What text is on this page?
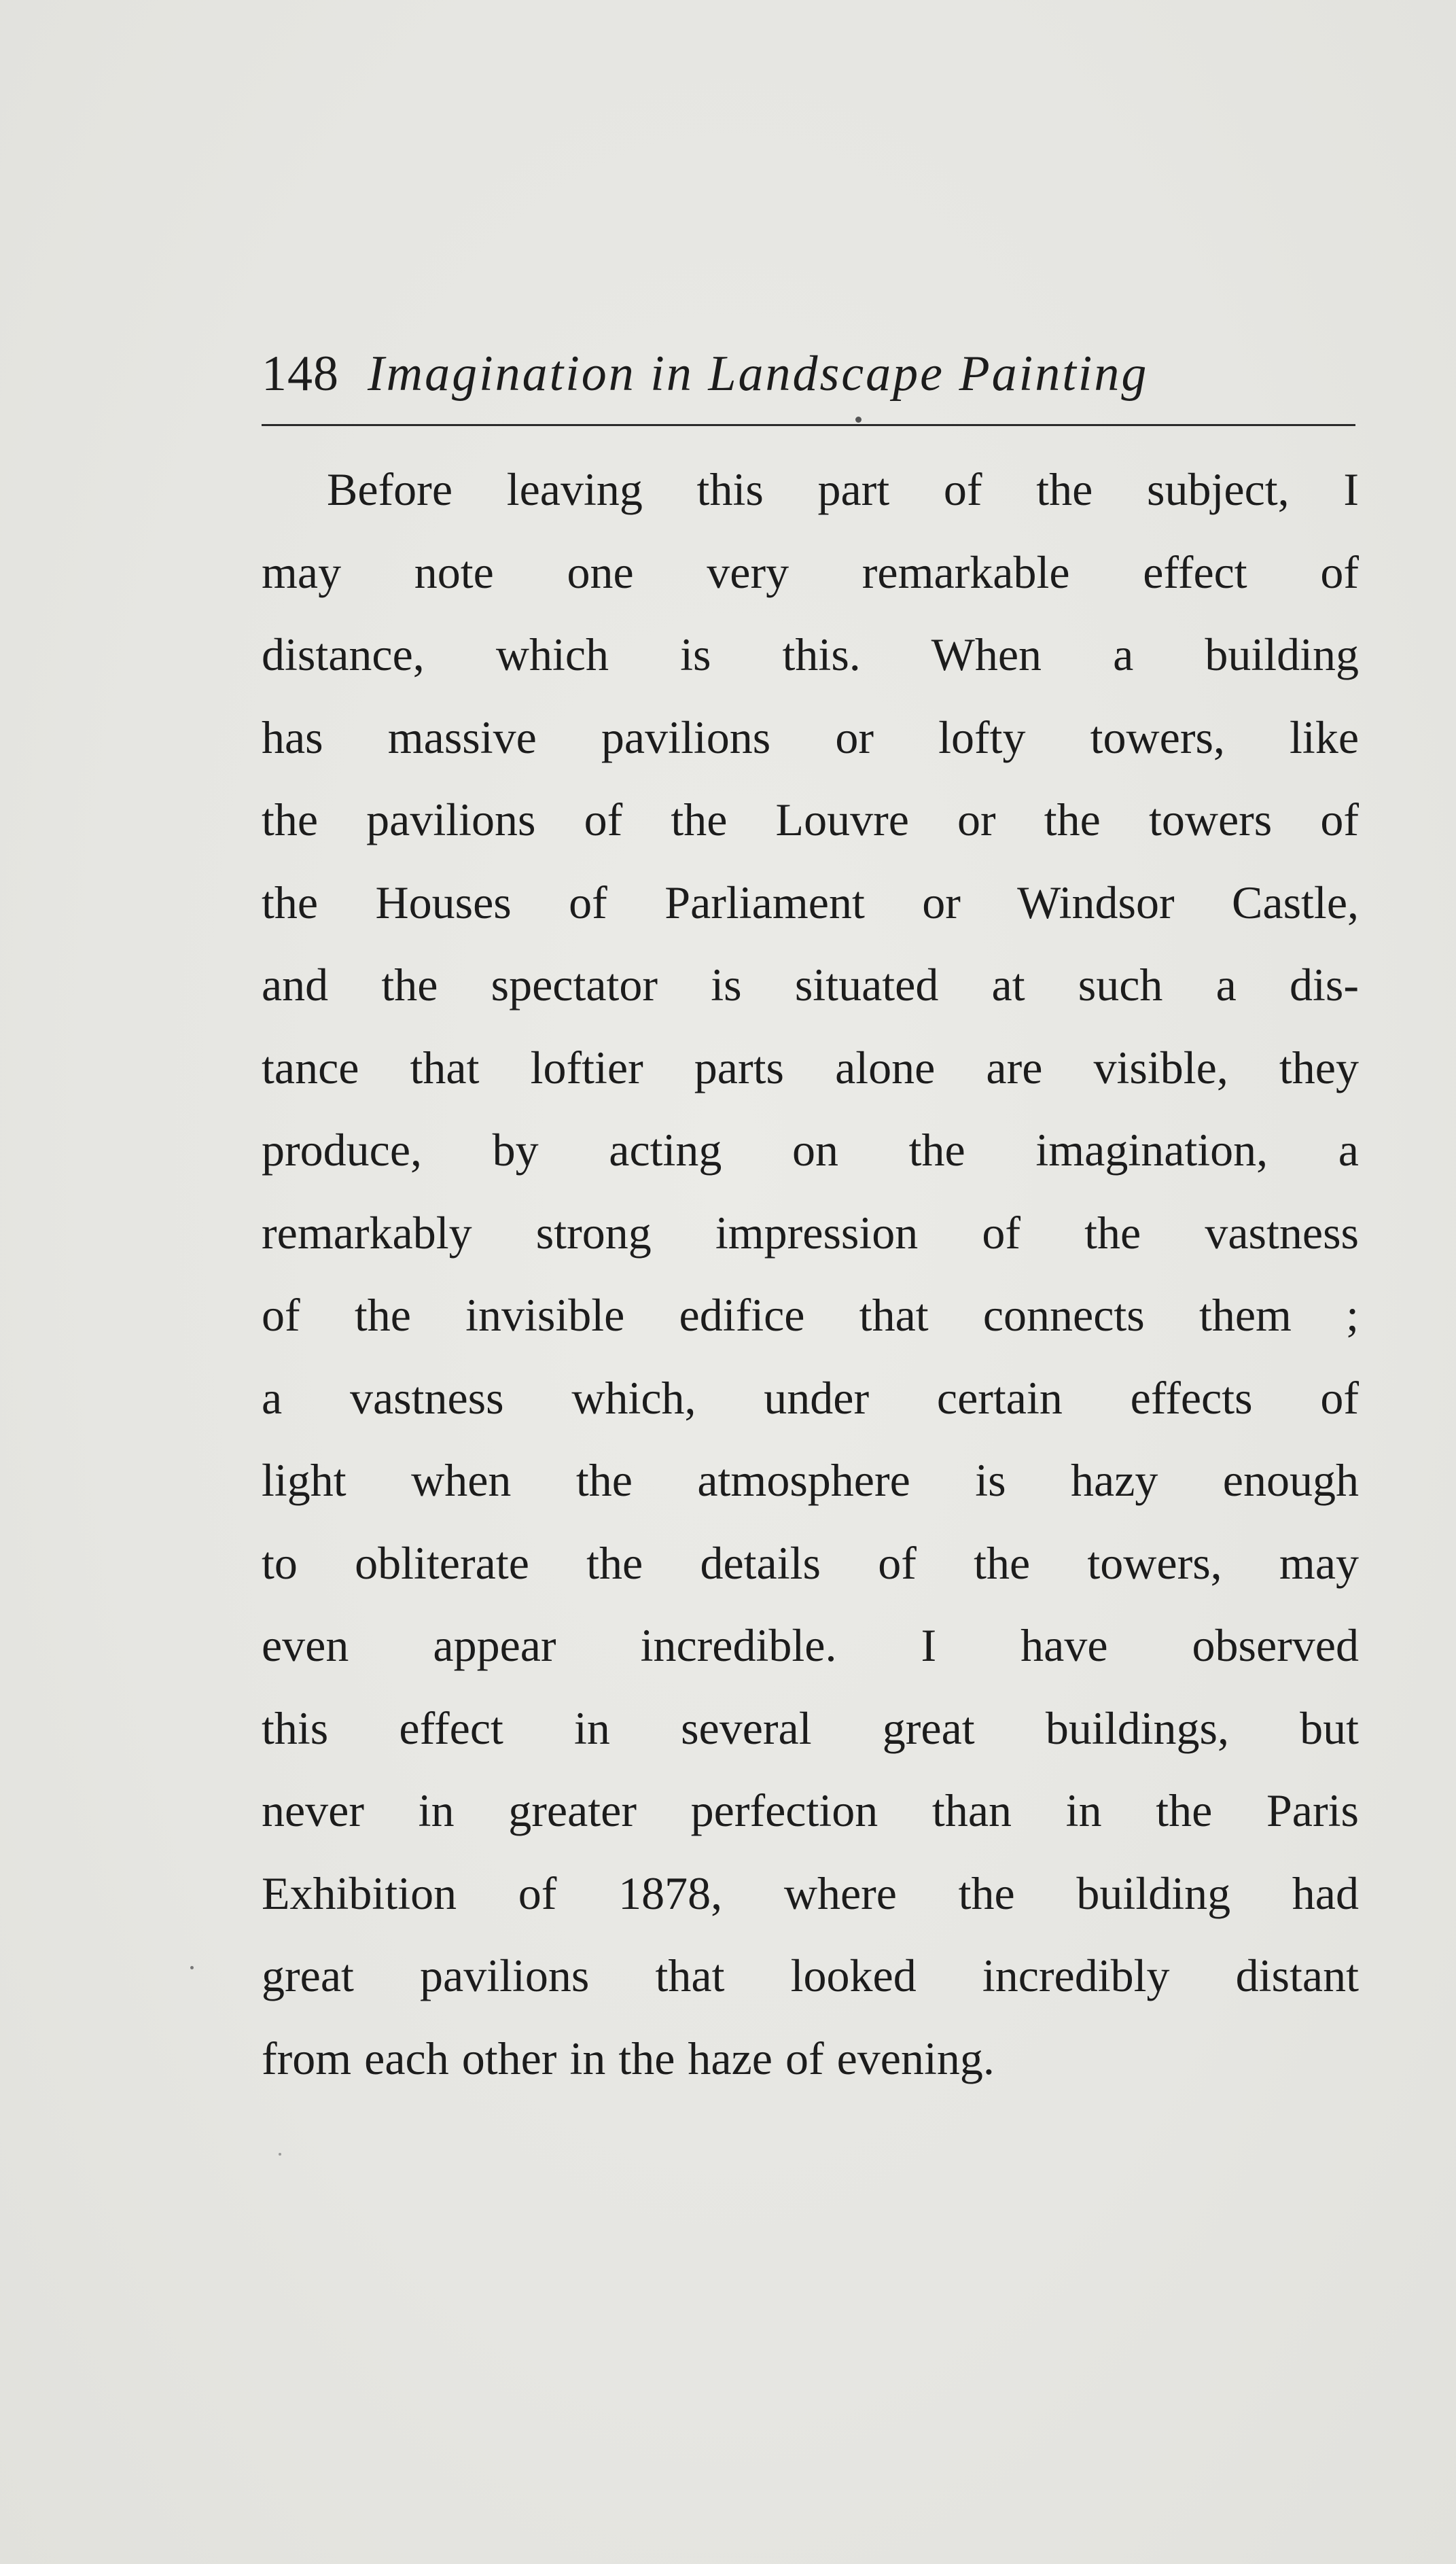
148 Imagination in Landscape Painting

Before leaving this part of the subject, I
may note one very remarkable effect of
distance, which is this. When a building
has massive pavilions or lofty towers, like
the pavilions of the Louvre or the towers of
the Houses of Parliament or Windsor Castle,
and the spectator is situated at such a dis-
tance that loftier parts alone are visible, they
produce, by acting on the imagination, a
remarkably strong impression of the vastness
of the invisible edifice that connects them ;
a vastness which, under certain effects of
light when the atmosphere is hazy enough
to obliterate the details of the towers, may
even appear incredible. I have observed
this effect in several great buildings, but
never in greater perfection than in the Paris
Exhibition of 1878, where the building had
great pavilions that looked incredibly distant
from each other in the haze of evening.
